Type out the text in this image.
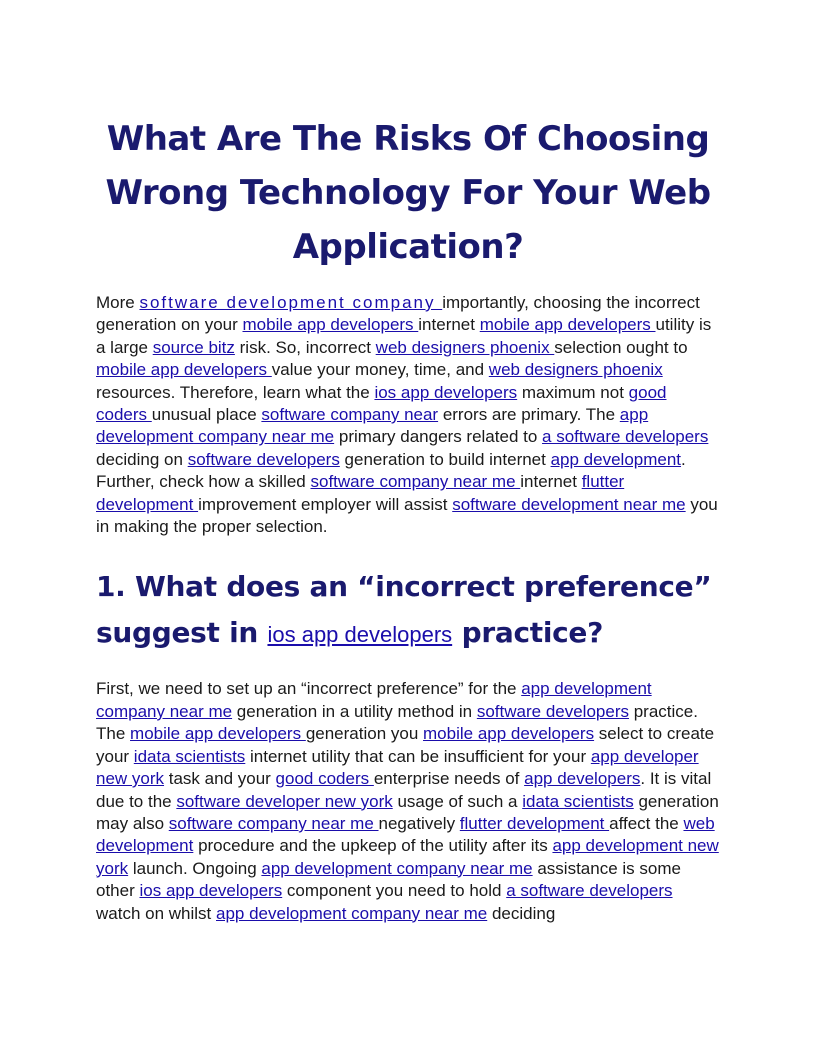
What Are The Risks Of Choosing Wrong Technology For Your Web Application?

More software development company importantly, choosing the incorrect generation on your mobile app developers internet mobile app developers utility is a large source bitz risk. So, incorrect web designers phoenix selection ought to mobile app developers value your money, time, and web designers phoenix resources. Therefore, learn what the ios app developers maximum not good coders unusual place software company near errors are primary. The app development company near me primary dangers related to a software developers deciding on software developers generation to build internet app development. Further, check how a skilled software company near me internet flutter development improvement employer will assist software development near me you in making the proper selection.

1. What does an “incorrect preference” suggest in ios app developers practice?

First, we need to set up an “incorrect preference” for the app development company near me generation in a utility method in software developers practice. The mobile app developers generation you mobile app developers select to create your idata scientists internet utility that can be insufficient for your app developer new york task and your good coders enterprise needs of app developers. It is vital due to the software developer new york usage of such a idata scientists generation may also software company near me negatively flutter development affect the web development procedure and the upkeep of the utility after its app development new york launch. Ongoing app development company near me assistance is some other ios app developers component you need to hold a software developers watch on whilst app development company near me deciding
